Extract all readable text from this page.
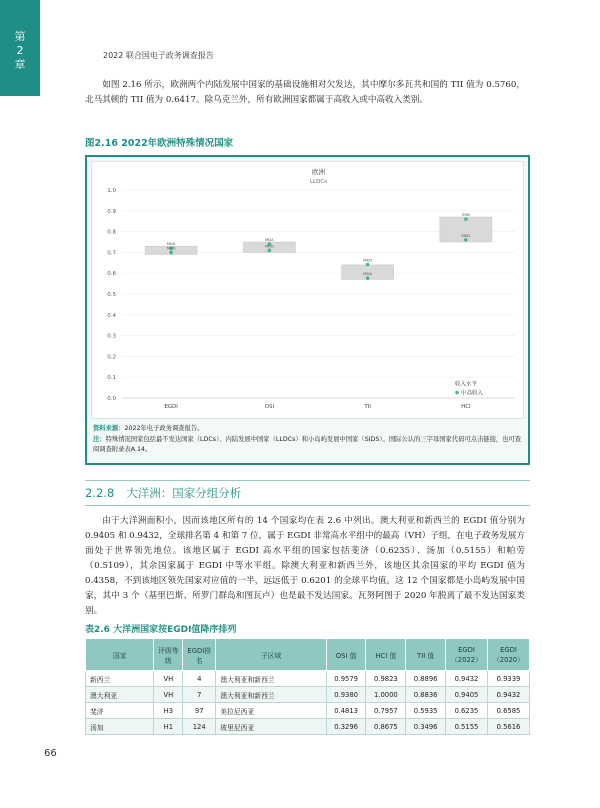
第
2
章
2022 联合国电子政务调查报告

如图 2.16 所示，欧洲两个内陆发展中国家的基础设施相对欠发达，其中摩尔多瓦共和国的 TII 值为 0.5760，北马其顿的 TII 值为 0.6417。除乌克兰外，所有欧洲国家都属于高收入或中高收入类别。

图2.16 2022年欧洲特殊情况国家
欧洲
LLDCs
0.0
0.1
0.2
0.3
0.4
0.5
0.6
0.7
0.8
0.9
1.0
EGDI	OSI	TII	HCI
MDA
MKD
MDA
MKD
MKD
MDA
SRB
MKD
收入水平
中高收入
资料来源：2022年电子政务调查报告。
注：特殊情况国家包括最不发达国家（LDCs）、内陆发展中国家（LLDCs）和小岛屿发展中国家（SIDS）。国际公认的三字母国家代码可点击链接，也可查阅调查附录表A.14。
2.2.8 大洋洲：国家分组分析

由于大洋洲面积小，因而该地区所有的 14 个国家均在表 2.6 中列出。澳大利亚和新西兰的 EGDI 值分别为 0.9405 和 0.9432，全球排名第 4 和第 7 位，属于 EGDI 非常高水平组中的最高（VH）子组，在电子政务发展方面处于世界领先地位。该地区属于 EGDI 高水平组的国家包括斐济（0.6235）、汤加（0.5155）和帕劳（0.5109），其余国家属于 EGDI 中等水平组。除澳大利亚和新西兰外，该地区其余国家的平均 EGDI 值为 0.4358，不到该地区领先国家对应值的一半，远远低于 0.6201 的全球平均值。这 12 个国家都是小岛屿发展中国家，其中 3 个（基里巴斯、所罗门群岛和图瓦卢）也是最不发达国家。瓦努阿图于 2020 年脱离了最不发达国家类别。

表2.6 大洋洲国家按EGDI值降序排列
国家	评级等级	EGDI排名	子区域	OSI 值	HCI 值	TII 值	EGDI（2022）	EGDI（2020）
新西兰	VH	4	澳大利亚和新西兰	0.9579	0.9823	0.8896	0.9432	0.9339
澳大利亚	VH	7	澳大利亚和新西兰	0.9380	1.0000	0.8836	0.9405	0.9432
斐济	H3	97	美拉尼西亚	0.4813	0.7957	0.5935	0.6235	0.6585
汤加	H1	124	玻里尼西亚	0.3296	0.8675	0.3496	0.5155	0.5616
66
